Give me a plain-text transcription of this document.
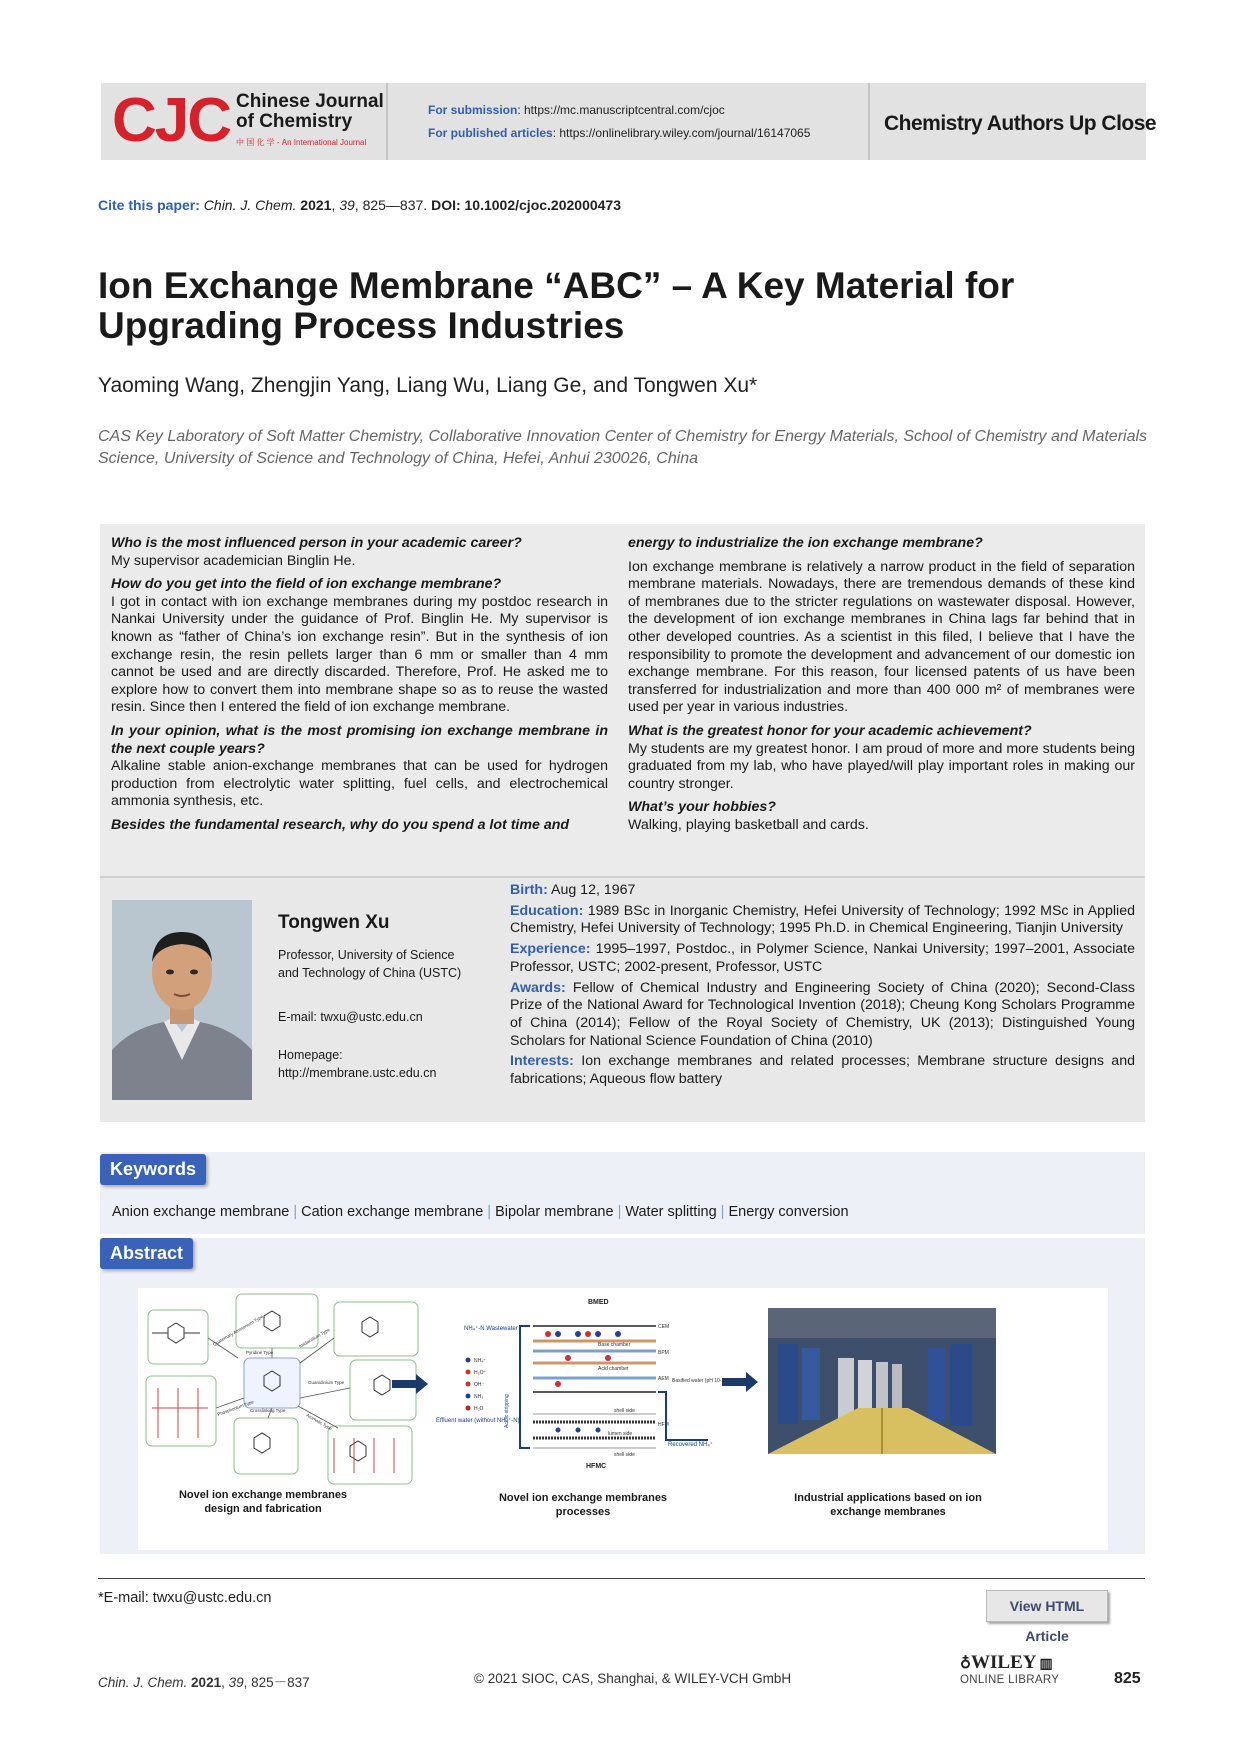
CJC Chinese Journal
of Chemistry
中 国 化 学 - An International Journal
For submission: https://mc.manuscriptcentral.com/cjoc
For published articles: https://onlinelibrary.wiley.com/journal/16147065	Chemistry Authors Up Close
Cite this paper: Chin. J. Chem. 2021, 39, 825—837. DOI: 10.1002/cjoc.202000473
Ion Exchange Membrane “ABC” – A Key Material for Upgrading Process Industries
Yaoming Wang, Zhengjin Yang, Liang Wu, Liang Ge, and Tongwen Xu*
CAS Key Laboratory of Soft Matter Chemistry, Collaborative Innovation Center of Chemistry for Energy Materials, School of Chemistry and Materials Science, University of Science and Technology of China, Hefei, Anhui 230026, China

Who is the most influenced person in your academic career?

My supervisor academician Binglin He.

How do you get into the field of ion exchange membrane?

I got in contact with ion exchange membranes during my postdoc research in Nankai University under the guidance of Prof. Binglin He. My supervisor is known as “father of China’s ion exchange resin”. But in the synthesis of ion exchange resin, the resin pellets larger than 6 mm or smaller than 4 mm cannot be used and are directly discarded. Therefore, Prof. He asked me to explore how to convert them into membrane shape so as to reuse the wasted resin. Since then I entered the field of ion exchange membrane.

In your opinion, what is the most promising ion exchange membrane in the next couple years?

Alkaline stable anion-exchange membranes that can be used for hydrogen production from electrolytic water splitting, fuel cells, and electrochemical ammonia synthesis, etc.

Besides the fundamental research, why do you spend a lot time and

energy to industrialize the ion exchange membrane?

Ion exchange membrane is relatively a narrow product in the field of separation membrane materials. Nowadays, there are tremendous demands of these kind of membranes due to the stricter regulations on wastewater disposal. However, the development of ion exchange membranes in China lags far behind that in other developed countries. As a scientist in this filed, I believe that I have the responsibility to promote the development and advancement of our domestic ion exchange membrane. For this reason, four licensed patents of us have been transferred for industrialization and more than 400 000 m² of membranes were used per year in various industries.

What is the greatest honor for your academic achievement?

My students are my greatest honor. I am proud of more and more students being graduated from my lab, who have played/will play important roles in making our country stronger.

What’s your hobbies?

Walking, playing basketball and cards.

Tongwen Xu
Professor, University of Science and Technology of China (USTC)
E-mail: twxu@ustc.edu.cn
Homepage:
http://membrane.ustc.edu.cn

Birth: Aug 12, 1967

Education: 1989 BSc in Inorganic Chemistry, Hefei University of Technology; 1992 MSc in Applied Chemistry, Hefei University of Technology; 1995 Ph.D. in Chemical Engineering, Tianjin University

Experience: 1995–1997, Postdoc., in Polymer Science, Nankai University; 1997–2001, Associate Professor, USTC; 2002-present, Professor, USTC

Awards: Fellow of Chemical Industry and Engineering Society of China (2020); Second-Class Prize of the National Award for Technological Invention (2018); Cheung Kong Scholars Programme of China (2014); Fellow of the Royal Society of Chemistry, UK (2013); Distinguished Young Scholars for National Science Foundation of China (2010)

Interests: Ion exchange membranes and related processes; Membrane structure designs and fabrications; Aqueous flow battery

Keywords
Anion exchange membrane | Cation exchange membrane | Bipolar membrane | Water splitting | Energy conversion
Abstract
Quaternary Ammonium Type
Pyridine Type
Imidazolium Type
Guanidinium Type
Phosphonium Type
Crosslinking Type
Aromatic Type
BMED
NH₄⁺-N Wastewater	CEM
BPM
AEM
Base chamber
Acid chamber
NH₄⁺
H₃O⁺
OH⁻
NH₃
H₂O	Acidic stripping
Basified water (pH 10-12)
shell side
HFM
lumen side
shell side
Effluent water (without NH₄⁺-N)
Recovered NH₄⁺
HFMC
Novel ion exchange membranes design and fabrication
Novel ion exchange membranes processes
Industrial applications based on ion exchange membranes
*E-mail: twxu@ustc.edu.cn	View HTML Article
Chin. J. Chem. 2021, 39, 825－837	© 2021 SIOC, CAS, Shanghai, & WILEY-VCH GmbH
♁WILEY ▥
ONLINE LIBRARY	825
